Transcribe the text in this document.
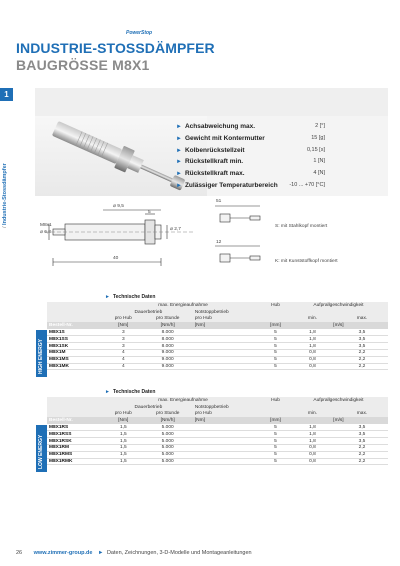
INDUSTRIE-STOSSDÄMPFER
BAUGRÖSSE M8X1
1
/ Industrie-Stossdämpfer
PowerStop
► Achsabweichung max.	2 [°]
► Gewicht mit Kontermutter	15 [g]
► Kolbenrückstellzeit	0,15 [s]
► Rückstellkraft min.	1 [N]
► Rückstellkraft max.	4 [N]
► Zulässiger Temperaturbereich -10 ... +70 [°C]
⌀ 9,5
M8x1
⌀ 6,8
⌀ 2,7
40
5
51
12
S: mit Stahlkopf montiert
K: mit Kunststoffkopf montiert
► Technische Daten
	max. Energieaufnahme			Hub	Aufprallgeschwindigkeit	
	Dauerbetrieb		Notstoppbetrieb			
	pro Hub	pro Stunde	pro Hub		min.	max.
Bestell-Nr.	[Nm]	[Nm/h]	[Nm]	[mm]	[m/s]	
M8X1S	3	8.000		5	1,8	3,5
M8X1SS	3	8.000		5	1,8	3,5
M8X1SK	3	8.000		5	1,8	3,5
M8X1M	4	9.000		5	0,8	2,2
M8X1MS	4	9.000		5	0,8	2,2
M8X1MK	4	9.000		5	0,8	2,2
HIGH ENERGY
► Technische Daten
	max. Energieaufnahme			Hub	Aufprallgeschwindigkeit	
	Dauerbetrieb		Notstoppbetrieb			
	pro Hub	pro Stunde	pro Hub		min.	max.
Bestell-Nr.	[Nm]	[Nm/h]	[Nm]	[mm]	[m/s]	
M8X1RS	1,5	5.000		5	1,8	3,5
M8X1RSS	1,5	5.000		5	1,8	3,5
M8X1RSK	1,5	5.000		5	1,8	3,5
M8X1RM	1,5	5.000		5	0,8	2,2
M8X1RMS	1,5	5.000		5	0,8	2,2
M8X1RMK	1,5	5.000		5	0,8	2,2
LOW ENERGY
26 www.zimmer-group.de ► Daten, Zeichnungen, 3-D-Modelle und Montageanleitungen
